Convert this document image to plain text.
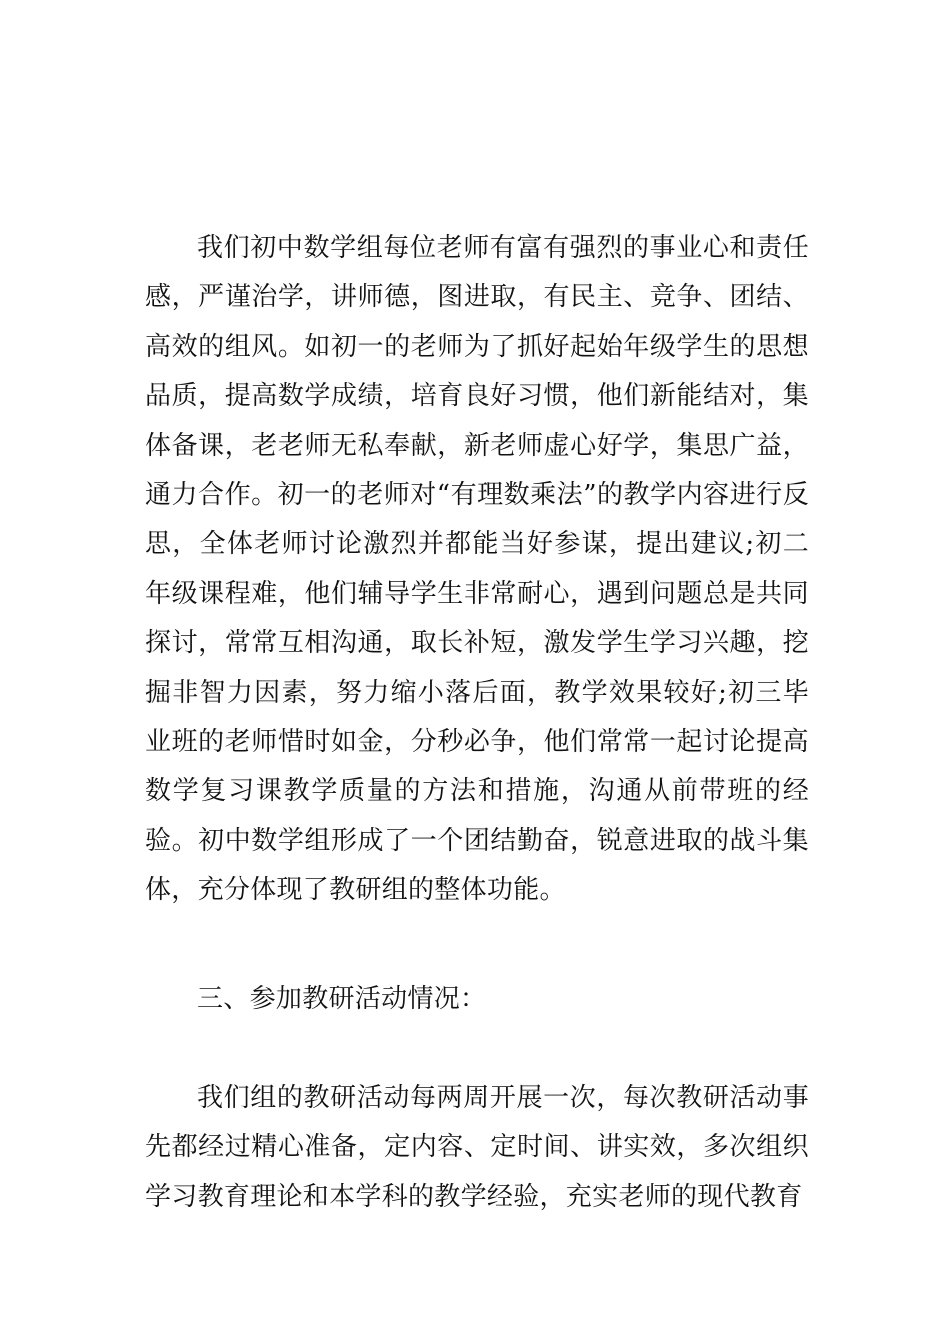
我们初中数学组每位老师有富有强烈的事业心和责任感，严谨治学，讲师德，图进取，有民主、竞争、团结、高效的组风。如初一的老师为了抓好起始年级学生的思想品质，提高数学成绩，培育良好习惯，他们新能结对，集体备课，老老师无私奉献，新老师虚心好学，集思广益，通力合作。初一的老师对“有理数乘法”的教学内容进行反思，全体老师讨论激烈并都能当好参谋，提出建议;初二年级课程难，他们辅导学生非常耐心，遇到问题总是共同探讨，常常互相沟通，取长补短，激发学生学习兴趣，挖掘非智力因素，努力缩小落后面，教学效果较好;初三毕业班的老师惜时如金，分秒必争，他们常常一起讨论提高数学复习课教学质量的方法和措施，沟通从前带班的经验。初中数学组形成了一个团结勤奋，锐意进取的战斗集体，充分体现了教研组的整体功能。

三、参加教研活动情况：

我们组的教研活动每两周开展一次，每次教研活动事先都经过精心准备，定内容、定时间、讲实效，多次组织学习教育理论和本学科的教学经验，充实老师的现代教育
